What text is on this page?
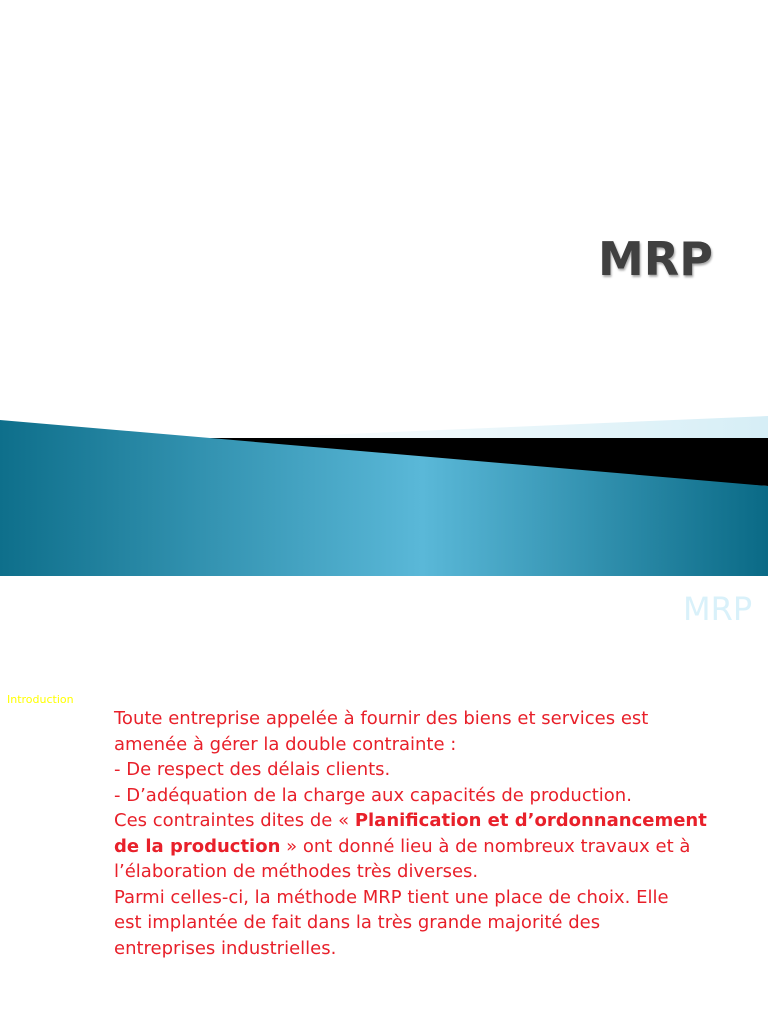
MRP
MRP
Introduction

Toute entreprise appelée à fournir des biens et services est

amenée à gérer la double contrainte :

- De respect des délais clients.

- D’adéquation de la charge aux capacités de production.

Ces contraintes dites de « Planification et d’ordonnancement

de la production » ont donné lieu à de nombreux travaux et à

l’élaboration de méthodes très diverses.

Parmi celles-ci, la méthode MRP tient une place de choix. Elle

est implantée de fait dans la très grande majorité des

entreprises industrielles.
